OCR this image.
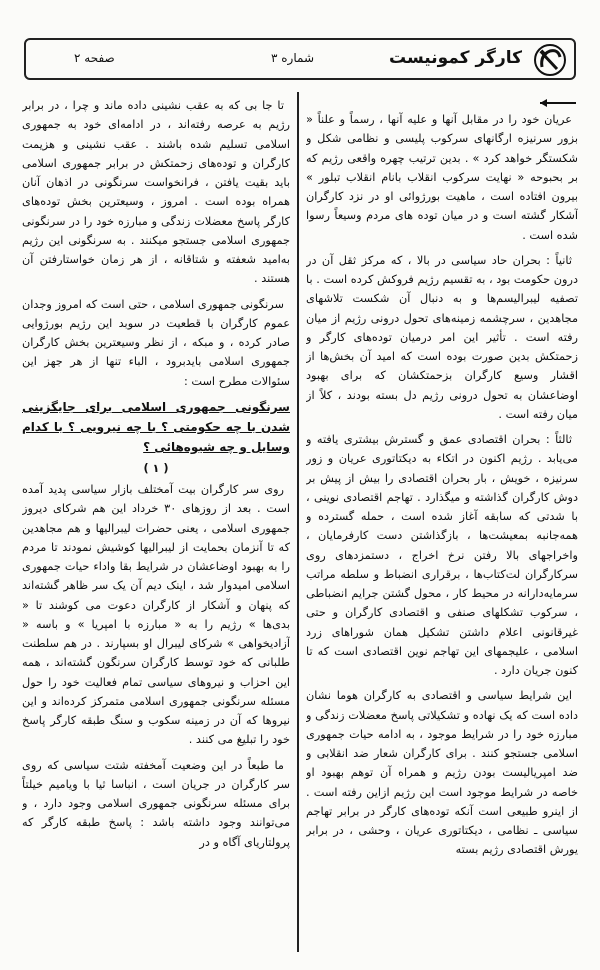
کارگر کمونیست
شماره ۳
صفحه ۲

عریان خود را در مقابل آنها و علیه آنها ، رسماً و علناً « بزور سرنیزه ارگانهای سرکوب پلیسی و نظامی شکل و شکستگر خواهد کرد » . بدین ترتیب چهره واقعی رژیم که بر بحبوحه « نهایت سرکوب انقلاب بانام انقلاب تبلور » بیرون افتاده است ، ماهیت بورژوائی او در نزد کارگران آشکار گشته است و در میان توده های مردم وسیعاً رسوا شده است .

ثانیاً : بحران حاد سیاسی در بالا ، که مرکز ثقل آن در درون حکومت بود ، به تقسیم رژیم فروکش کرده است . با تصفیه لیبرالیسم‌ها و به دنبال آن شکست تلاشهای مجاهدین ، سرچشمه زمینه‌های تحول درونی رژیم از میان رفته است . تأثیر این امر درمیان توده‌های کارگر و زحمتکش بدین صورت بوده است که امید آن بخش‌ها از اقشار وسیع کارگران بزحمتکشان که برای بهبود اوضاعشان به تحول درونی رژیم دل بسته بودند ، کلاً از میان رفته است .

ثالثاً : بحران اقتصادی عمق و گسترش بیشتری یافته و می‌یابد . رژیم اکنون در اتکاء به دیکتاتوری عریان و زور سرنیزه ، خویش ، بار بحران اقتصادی را بیش از پیش بر دوش کارگران گذاشته و میگذارد . تهاجم اقتصادی نوینی ، با شدتی که سابقه آغاز شده است ، حمله گسترده و همه‌جانبه بمعیشت‌ها ، بازگذاشتن دست کارفرمایان ، واخراجهای بالا رفتن نرخ اخراج ، دستمزدهای روی سرکارگران لت‌کتاب‌ها ، برقراری انضباط و سلطه مراتب سرمایه‌دارانه در محیط کار ، محول گشتن جرایم انضباطی ، سرکوب تشکلهای صنفی و اقتصادی کارگران و حتی غیرقانونی اعلام داشتن تشکیل همان شوراهای زرد اسلامی ، علیجمهای این تهاجم نوین اقتصادی است که تا کنون جریان دارد .

این شرایط سیاسی و اقتصادی به کارگران هوما نشان داده است که یک نهاده و تشکیلاتی پاسخ معضلات زندگی و مبارزه خود را در شرایط موجود ، به ادامه حیات جمهوری اسلامی جستجو کنند . برای کارگران شعار ضد انقلابی و ضد امپریالیست بودن رژیم و همراه آن توهم بهبود او خاصه در شرایط موجود است این رژیم ازاین رفته است . از اینرو طبیعی است آنکه توده‌های کارگر در برابر تهاجم سیاسی ـ نظامی ، دیکتاتوری عریان ، وحشی ، در برابر یورش اقتصادی رژیم بسته

تا جا بی که به عقب نشینی داده ماند و چرا ، در برابر رژیم به عرصه رفته‌اند ، در ادامه‌ای خود به جمهوری اسلامی تسلیم شده باشند . عقب نشینی و هزیمت کارگران و توده‌های زحمتکش در برابر جمهوری اسلامی باید بقیت یافتن ، فرانخواست سرنگونی در اذهان آنان همراه بوده است . امروز ، وسیعترین بخش توده‌های کارگر پاسخ معضلات زندگی و مبارزه خود را در سرنگونی جمهوری اسلامی جستجو میکنند . به سرنگونی این رژیم به‌امید شعفته و شتاقانه ، از هر زمان خواستارفتن آن هستند .

سرنگونی جمهوری اسلامی ، حتی است که امروز وجدان عموم کارگران با قطعیت در سوبد این رژیم بورژوایی صادر کرده ، و مبکه ، از نظر وسیعترین بخش کارگران جمهوری اسلامی بایدبرود ، الباء تنها از هر جهز این سئوالات مطرح است :

سرنگونی جمهوری اسلامی برای جایگزینی شدن با چه حکومتی ؟ با چه نیرویی ؟ با کدام وسایل و چه شیوه‌هائی ؟
( ۱ )

روی سر کارگران بیت آمختلف بازار سیاسی پدید آمده است . بعد از روزهای ۳۰ خرداد این هم شرکای دیروز جمهوری اسلامی ، یعنی حضرات لیبرالیها و هم مجاهدین که تا آنزمان بحمایت از لیبرالیها کوشیش نمودند تا مردم را به بهبود اوضاعشان در شرایط بقا واداء حیات جمهوری اسلامی امیدوار شد ، اینک دیم آن یک سر ظاهر گشته‌اند که پنهان و آشکار از کارگران دعوت می کوشند تا « بدی‌ها » رژیم را به « مبارزه با امپریا » و باسه « آزادیخواهی » شرکای لیبرال او بسپارند . در هم سلطنت طلبانی که خود توسط کارگران سرنگون گشته‌اند ، همه این احزاب و نیروهای سیاسی تمام فعالیت خود را حول مسئله سرنگونی جمهوری اسلامی متمرکز کرده‌اند و این نیروها که آن در زمینه سکوب و سنگ طبقه کارگر پاسخ خود را تبلیغ می کنند .

ما طبعاً در این وضعیت آمخفته شتت سیاسی که روی سر کارگران در جریان است ، انباسا ثیا با ویامیم خیلتاً برای مسئله سرنگونی جمهوری اسلامی وجود دارد ، و می‌توانند وجود داشته باشد : پاسخ طبقه کارگر که پرولتاریای آگاه و در
